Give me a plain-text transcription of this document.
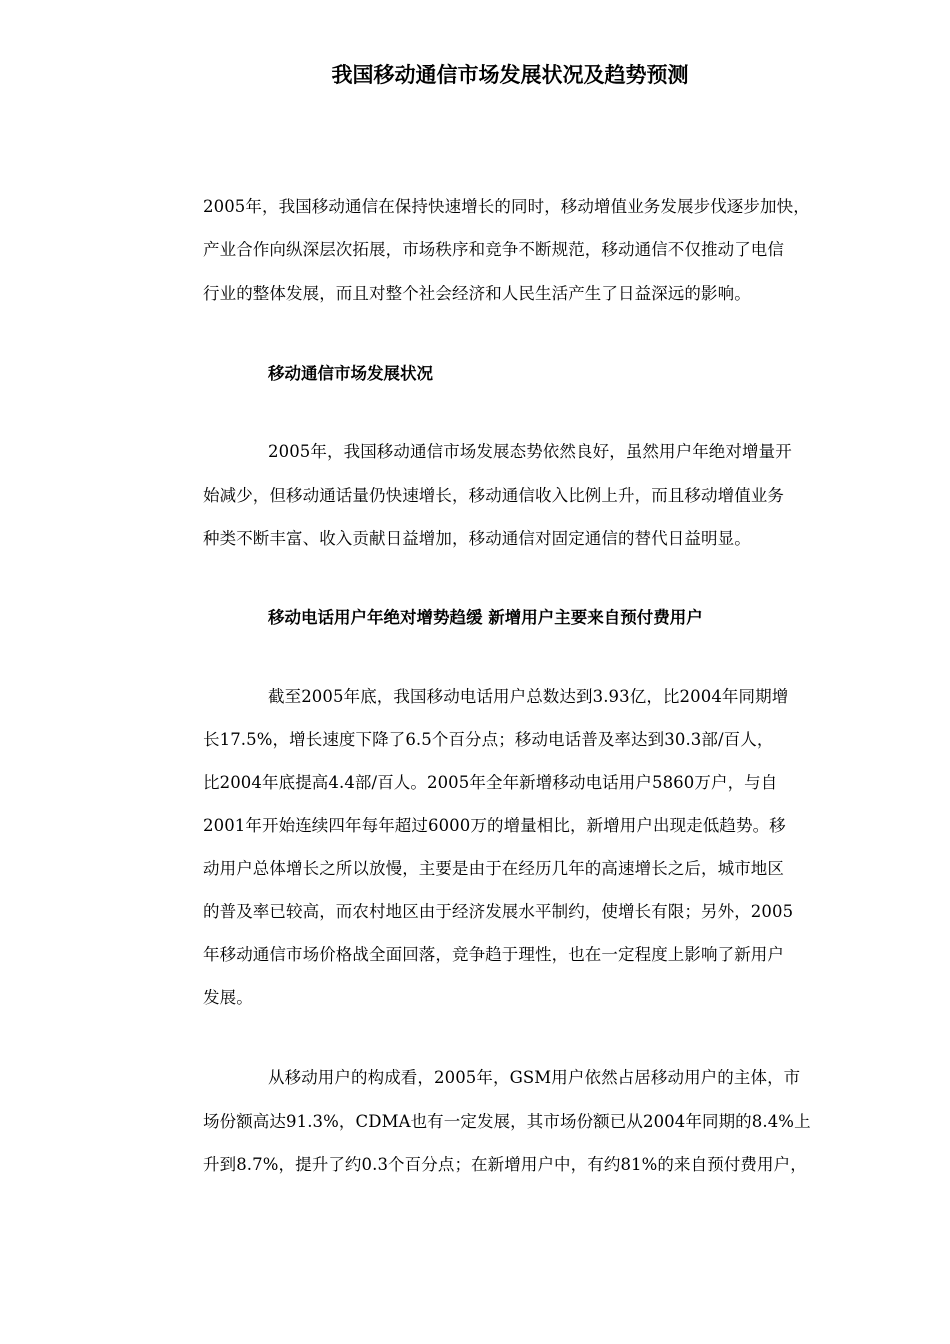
我国移动通信市场发展状况及趋势预测

2005年，我国移动通信在保持快速增长的同时，移动增值业务发展步伐逐步加快，

产业合作向纵深层次拓展，市场秩序和竞争不断规范，移动通信不仅推动了电信

行业的整体发展，而且对整个社会经济和人民生活产生了日益深远的影响。

移动通信市场发展状况

2005年，我国移动通信市场发展态势依然良好，虽然用户年绝对增量开

始减少，但移动通话量仍快速增长，移动通信收入比例上升，而且移动增值业务

种类不断丰富、收入贡献日益增加，移动通信对固定通信的替代日益明显。

移动电话用户年绝对增势趋缓 新增用户主要来自预付费用户

截至2005年底，我国移动电话用户总数达到3.93亿，比2004年同期增

长17.5%，增长速度下降了6.5个百分点；移动电话普及率达到30.3部/百人，

比2004年底提高4.4部/百人。2005年全年新增移动电话用户5860万户，与自

2001年开始连续四年每年超过6000万的增量相比，新增用户出现走低趋势。移

动用户总体增长之所以放慢，主要是由于在经历几年的高速增长之后，城市地区

的普及率已较高，而农村地区由于经济发展水平制约，使增长有限；另外，2005

年移动通信市场价格战全面回落，竞争趋于理性，也在一定程度上影响了新用户

发展。

从移动用户的构成看，2005年，GSM用户依然占居移动用户的主体，市

场份额高达91.3%，CDMA也有一定发展，其市场份额已从2004年同期的8.4%上

升到8.7%，提升了约0.3个百分点；在新增用户中，有约81%的来自预付费用户，
